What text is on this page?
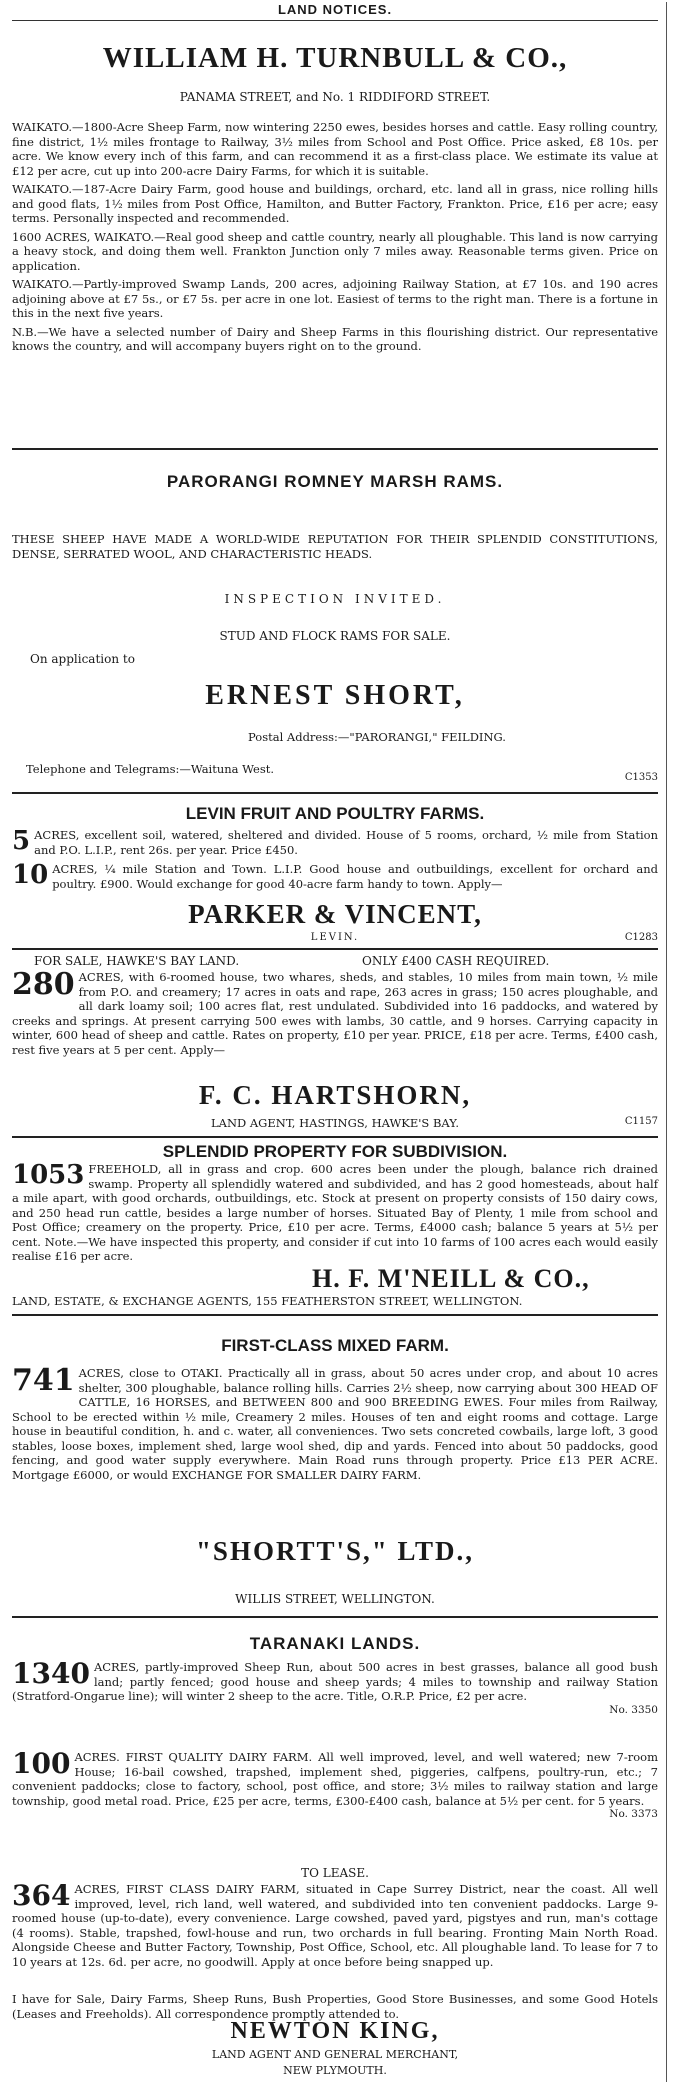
LAND NOTICES.
WILLIAM H. TURNBULL & CO.,
PANAMA STREET, and No. 1 RIDDIFORD STREET.

WAIKATO.—1800-Acre Sheep Farm, now wintering 2250 ewes, besides horses and cattle. Easy rolling country, fine district, 1½ miles frontage to Railway, 3½ miles from School and Post Office. Price asked, £8 10s. per acre. We know every inch of this farm, and can recommend it as a first-class place. We estimate its value at £12 per acre, cut up into 200-acre Dairy Farms, for which it is suitable.

WAIKATO.—187-Acre Dairy Farm, good house and buildings, orchard, etc. land all in grass, nice rolling hills and good flats, 1½ miles from Post Office, Hamilton, and Butter Factory, Frankton. Price, £16 per acre; easy terms. Personally inspected and recommended.

1600 ACRES, WAIKATO.—Real good sheep and cattle country, nearly all ploughable. This land is now carrying a heavy stock, and doing them well. Frankton Junction only 7 miles away. Reasonable terms given. Price on application.

WAIKATO.—Partly-improved Swamp Lands, 200 acres, adjoining Railway Station, at £7 10s. and 190 acres adjoining above at £7 5s., or £7 5s. per acre in one lot. Easiest of terms to the right man. There is a fortune in this in the next five years.

N.B.—We have a selected number of Dairy and Sheep Farms in this flourishing district. Our representative knows the country, and will accompany buyers right on to the ground.

PARORANGI ROMNEY MARSH RAMS.

THESE SHEEP HAVE MADE A WORLD-WIDE REPUTATION FOR THEIR SPLENDID CONSTITUTIONS, DENSE, SERRATED WOOL, AND CHARACTERISTIC HEADS.

INSPECTION INVITED.
STUD AND FLOCK RAMS FOR SALE.
On application to
ERNEST SHORT,
Postal Address:—"PARORANGI," FEILDING.
Telephone and Telegrams:—Waituna West.
C1353
LEVIN FRUIT AND POULTRY FARMS.
5 ACRES, excellent soil, watered, sheltered and divided. House of 5 rooms, orchard, ½ mile from Station and P.O. L.I.P., rent 26s. per year. Price £450.

10 ACRES, ¼ mile Station and Town. L.I.P. Good house and outbuildings, excellent for orchard and poultry. £900. Would exchange for good 40-acre farm handy to town. Apply—

PARKER & VINCENT,
LEVIN.	C1283
FOR SALE, HAWKE'S BAY LAND.	ONLY £400 CASH REQUIRED.
280 ACRES, with 6-roomed house, two whares, sheds, and stables, 10 miles from main town, ½ mile from P.O. and creamery; 17 acres in oats and rape, 263 acres in grass; 150 acres ploughable, and all dark loamy soil; 100 acres flat, rest undulated. Subdivided into 16 paddocks, and watered by creeks and springs. At present carrying 500 ewes with lambs, 30 cattle, and 9 horses. Carrying capacity in winter, 600 head of sheep and cattle. Rates on property, £10 per year. PRICE, £18 per acre. Terms, £400 cash, rest five years at 5 per cent. Apply—

F. C. HARTSHORN,
LAND AGENT, HASTINGS, HAWKE'S BAY.	C1157
SPLENDID PROPERTY FOR SUBDIVISION.
1053 FREEHOLD, all in grass and crop. 600 acres been under the plough, balance rich drained swamp. Property all splendidly watered and subdivided, and has 2 good homesteads, about half a mile apart, with good orchards, outbuildings, etc. Stock at present on property consists of 150 dairy cows, and 250 head run cattle, besides a large number of horses. Situated Bay of Plenty, 1 mile from school and Post Office; creamery on the property. Price, £10 per acre. Terms, £4000 cash; balance 5 years at 5½ per cent. Note.—We have inspected this property, and consider if cut into 10 farms of 100 acres each would easily realise £16 per acre.

H. F. M'NEILL & CO.,
LAND, ESTATE, & EXCHANGE AGENTS, 155 FEATHERSTON STREET, WELLINGTON.
FIRST-CLASS MIXED FARM.
741 ACRES, close to OTAKI. Practically all in grass, about 50 acres under crop, and about 10 acres shelter, 300 ploughable, balance rolling hills. Carries 2½ sheep, now carrying about 300 HEAD OF CATTLE, 16 HORSES, and BETWEEN 800 and 900 BREEDING EWES. Four miles from Railway, School to be erected within ½ mile, Creamery 2 miles. Houses of ten and eight rooms and cottage. Large house in beautiful condition, h. and c. water, all conveniences. Two sets concreted cowbails, large loft, 3 good stables, loose boxes, implement shed, large wool shed, dip and yards. Fenced into about 50 paddocks, good fencing, and good water supply everywhere. Main Road runs through property. Price £13 PER ACRE. Mortgage £6000, or would EXCHANGE FOR SMALLER DAIRY FARM.

"SHORTT'S," LTD.,
WILLIS STREET, WELLINGTON.
TARANAKI LANDS.
1340 ACRES, partly-improved Sheep Run, about 500 acres in best grasses, balance all good bush land; partly fenced; good house and sheep yards; 4 miles to township and railway Station (Stratford-Ongarue line); will winter 2 sheep to the acre. Title, O.R.P. Price, £2 per acre.

No. 3350
100 ACRES. FIRST QUALITY DAIRY FARM. All well improved, level, and well watered; new 7-room House; 16-bail cowshed, trapshed, implement shed, piggeries, calfpens, poultry-run, etc.; 7 convenient paddocks; close to factory, school, post office, and store; 3½ miles to railway station and large township, good metal road. Price, £25 per acre, terms, £300-£400 cash, balance at 5½ per cent. for 5 years.

No. 3373
TO LEASE.
364 ACRES, FIRST CLASS DAIRY FARM, situated in Cape Surrey District, near the coast. All well improved, level, rich land, well watered, and subdivided into ten convenient paddocks. Large 9-roomed house (up-to-date), every convenience. Large cowshed, paved yard, pigstyes and run, man's cottage (4 rooms). Stable, trapshed, fowl-house and run, two orchards in full bearing. Fronting Main North Road. Alongside Cheese and Butter Factory, Township, Post Office, School, etc. All ploughable land. To lease for 7 to 10 years at 12s. 6d. per acre, no goodwill. Apply at once before being snapped up.

I have for Sale, Dairy Farms, Sheep Runs, Bush Properties, Good Store Businesses, and some Good Hotels (Leases and Freeholds). All correspondence promptly attended to.

NEWTON KING,
LAND AGENT AND GENERAL MERCHANT,
NEW PLYMOUTH.
